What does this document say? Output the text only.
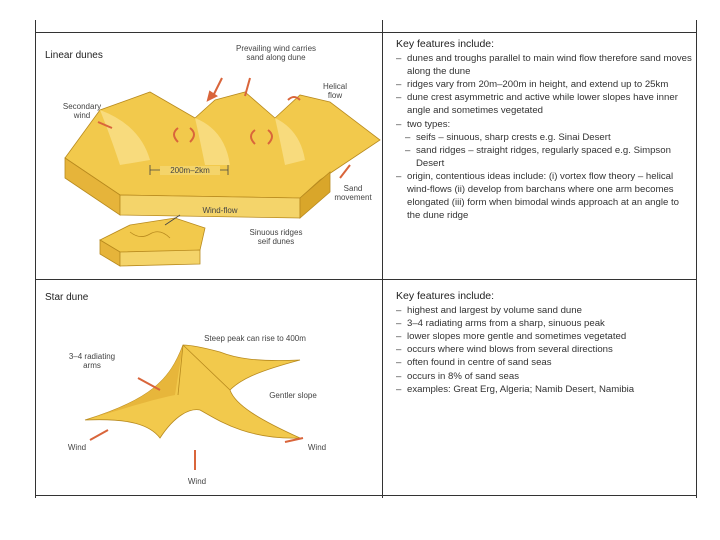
Linear dunes
Prevailing wind carries sand along dune
Helical flow
Secondary wind
200m–2km
Sand movement
Wind-flow
Sinuous ridges seif dunes
Star dune
Steep peak can rise to 400m
3–4 radiating arms
Gentler slope
Wind	Wind
Wind
Key features include:
– dunes and troughs parallel to main wind flow therefore sand moves along the dune
– ridges vary from 20m–200m in height, and extend up to 25km
– dune crest asymmetric and active while lower slopes have inner angle and sometimes vegetated
– two types:
– seifs – sinuous, sharp crests e.g. Sinai Desert
– sand ridges – straight ridges, regularly spaced e.g. Simpson Desert
– origin, contentious ideas include: (i) vortex flow theory – helical wind-flows (ii) develop from barchans where one arm becomes elongated (iii) form when bimodal winds approach at an angle to the dune ridge
Key features include:
– highest and largest by volume sand dune
– 3–4 radiating arms from a sharp, sinuous peak
– lower slopes more gentle and sometimes vegetated
– occurs where wind blows from several directions
– often found in centre of sand seas
– occurs in 8% of sand seas
– examples: Great Erg, Algeria; Namib Desert, Namibia
